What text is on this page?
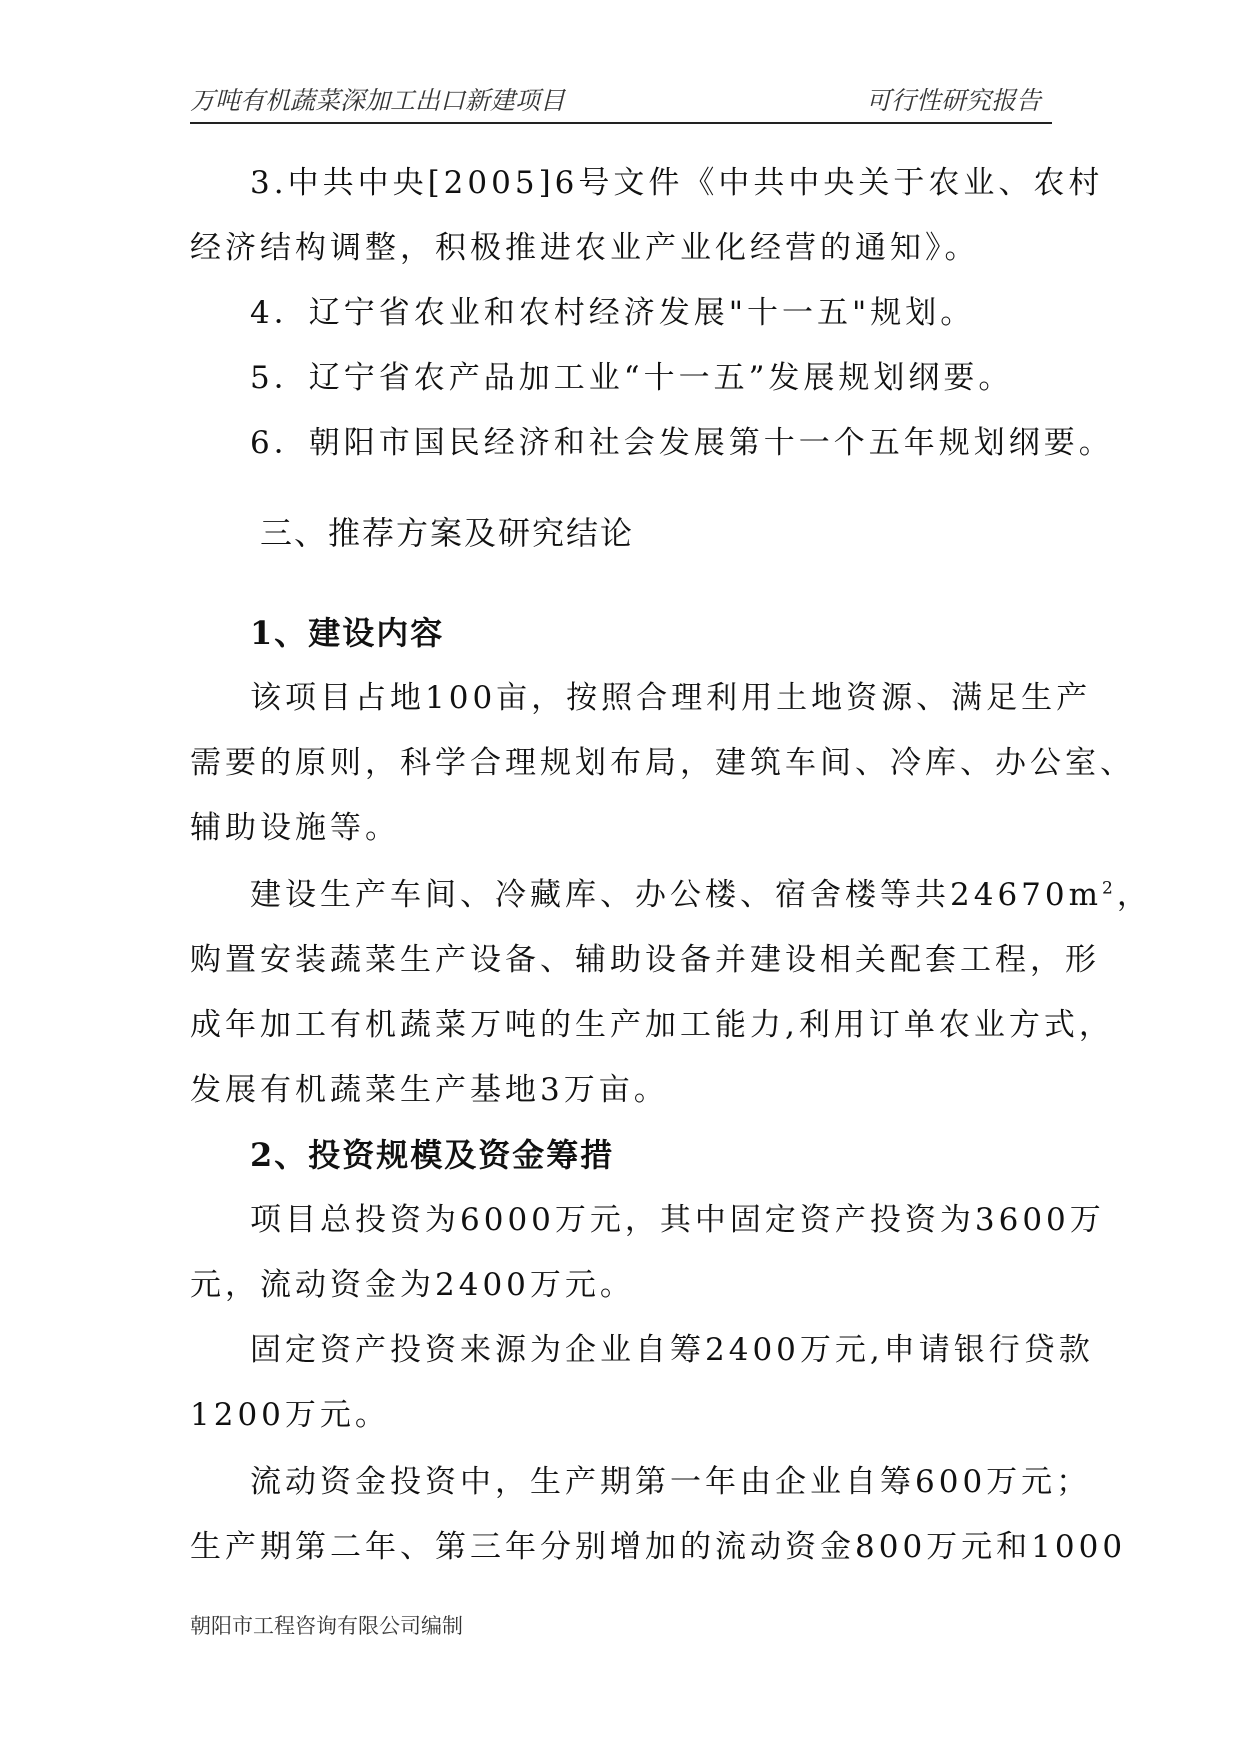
万吨有机蔬菜深加工出口新建项目	可行性研究报告
3.中共中央[2005]6号文件《中共中央关于农业、农村
经济结构调整，积极推进农业产业化经营的通知》。
4．辽宁省农业和农村经济发展"十一五"规划。
5．辽宁省农产品加工业“十一五”发展规划纲要。
6．朝阳市国民经济和社会发展第十一个五年规划纲要。
三、推荐方案及研究结论
1、建设内容
该项目占地100亩，按照合理利用土地资源、满足生产
需要的原则，科学合理规划布局，建筑车间、冷库、办公室、
辅助设施等。
建设生产车间、冷藏库、办公楼、宿舍楼等共$24670m^2$，
购置安装蔬菜生产设备、辅助设备并建设相关配套工程，形
成年加工有机蔬菜万吨的生产加工能力,利用订单农业方式，
发展有机蔬菜生产基地3万亩。
2、投资规模及资金筹措
项目总投资为6000万元，其中固定资产投资为3600万
元，流动资金为2400万元。
固定资产投资来源为企业自筹2400万元,申请银行贷款
1200万元。
流动资金投资中，生产期第一年由企业自筹600万元；
生产期第二年、第三年分别增加的流动资金800万元和1000
朝阳市工程咨询有限公司编制
